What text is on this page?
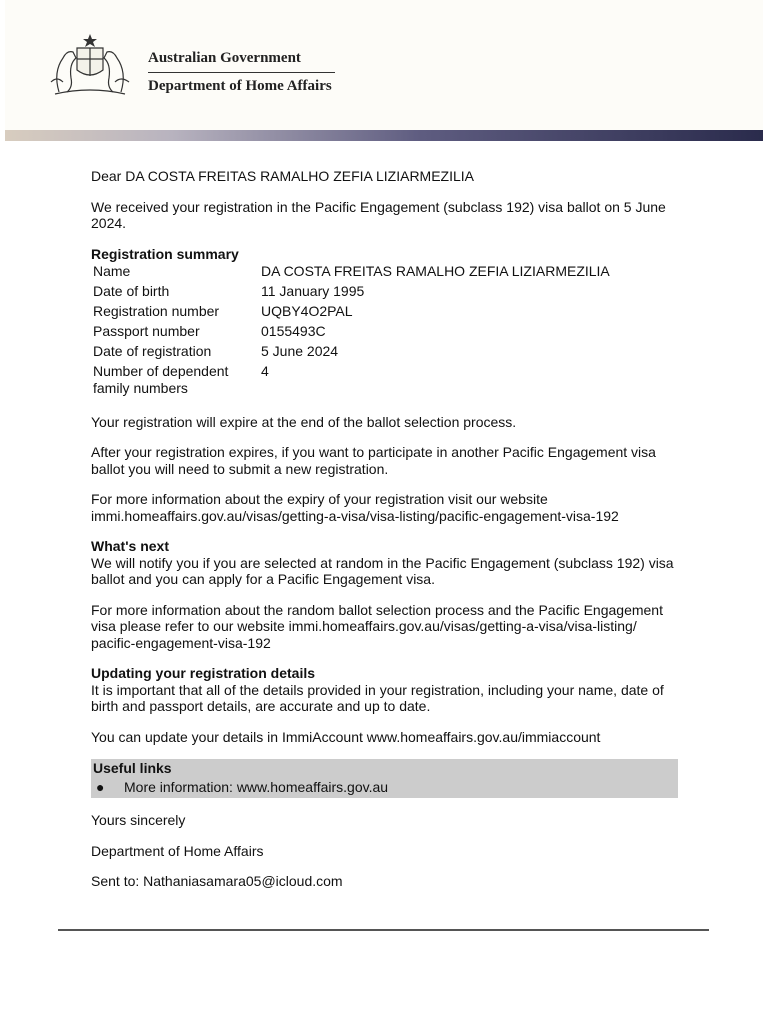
Australian Government
Department of Home Affairs

Dear DA COSTA FREITAS RAMALHO ZEFIA LIZIARMEZILIA

We received your registration in the Pacific Engagement (subclass 192) visa ballot on 5 June 2024.

Registration summary
Name	DA COSTA FREITAS RAMALHO ZEFIA LIZIARMEZILIA
Date of birth	11 January 1995
Registration number	UQBY4O2PAL
Passport number	0155493C
Date of registration	5 June 2024
Number of dependent family numbers	4

Your registration will expire at the end of the ballot selection process.

After your registration expires, if you want to participate in another Pacific Engagement visa ballot you will need to submit a new registration.

For more information about the expiry of your registration visit our website immi.homeaffairs.gov.au/visas/getting-a-visa/visa-listing/pacific-engagement-visa-192

What's next

We will notify you if you are selected at random in the Pacific Engagement (subclass 192) visa ballot and you can apply for a Pacific Engagement visa.

For more information about the random ballot selection process and the Pacific Engagement visa please refer to our website immi.homeaffairs.gov.au/visas/getting-a-visa/visa-listing/ pacific-engagement-visa-192

Updating your registration details

It is important that all of the details provided in your registration, including your name, date of birth and passport details, are accurate and up to date.

You can update your details in ImmiAccount www.homeaffairs.gov.au/immiaccount

Useful links
● More information: www.homeaffairs.gov.au

Yours sincerely

Department of Home Affairs

Sent to: Nathaniasamara05@icloud.com
